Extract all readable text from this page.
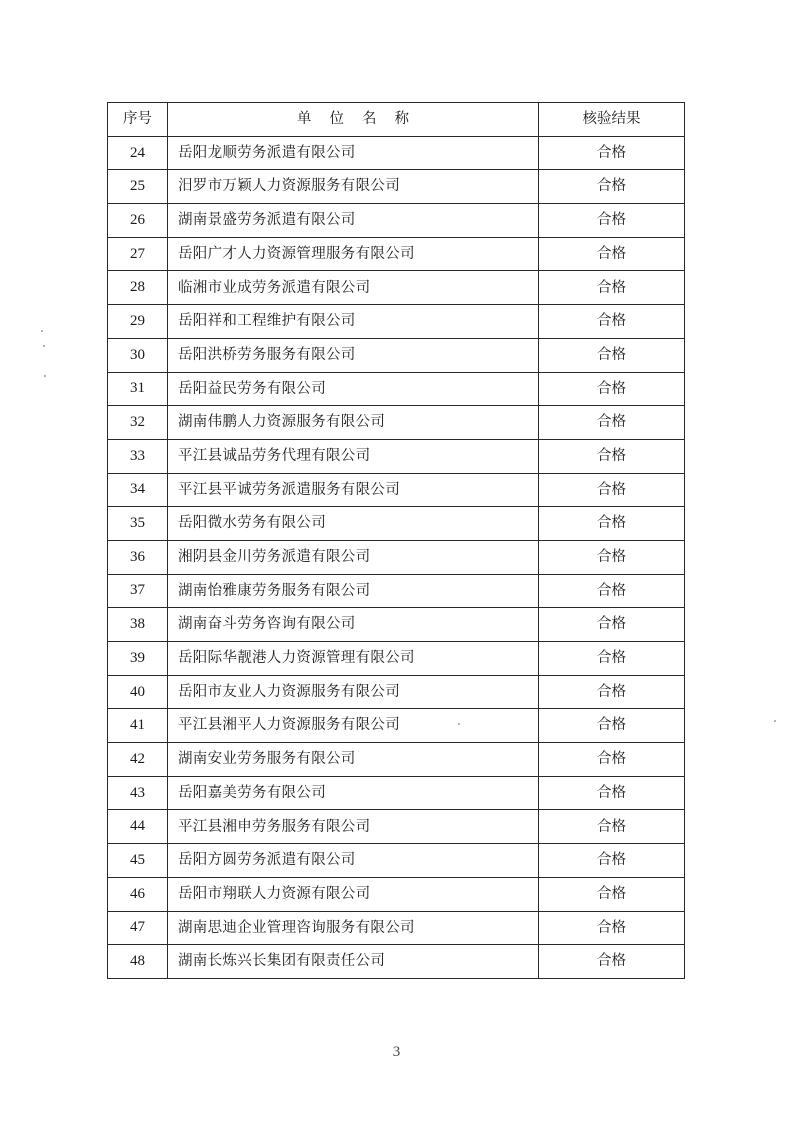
序号	单位名称	核验结果
24	岳阳龙顺劳务派遣有限公司	合格
25	汨罗市万颖人力资源服务有限公司	合格
26	湖南景盛劳务派遣有限公司	合格
27	岳阳广才人力资源管理服务有限公司	合格
28	临湘市业成劳务派遣有限公司	合格
29	岳阳祥和工程维护有限公司	合格
30	岳阳洪桥劳务服务有限公司	合格
31	岳阳益民劳务有限公司	合格
32	湖南伟鹏人力资源服务有限公司	合格
33	平江县诚品劳务代理有限公司	合格
34	平江县平诚劳务派遣服务有限公司	合格
35	岳阳微水劳务有限公司	合格
36	湘阴县金川劳务派遣有限公司	合格
37	湖南怡雅康劳务服务有限公司	合格
38	湖南奋斗劳务咨询有限公司	合格
39	岳阳际华靓港人力资源管理有限公司	合格
40	岳阳市友业人力资源服务有限公司	合格
41	平江县湘平人力资源服务有限公司	合格
42	湖南安业劳务服务有限公司	合格
43	岳阳嘉美劳务有限公司	合格
44	平江县湘申劳务服务有限公司	合格
45	岳阳方圆劳务派遣有限公司	合格
46	岳阳市翔联人力资源有限公司	合格
47	湖南思迪企业管理咨询服务有限公司	合格
48	湖南长炼兴长集团有限责任公司	合格
3
